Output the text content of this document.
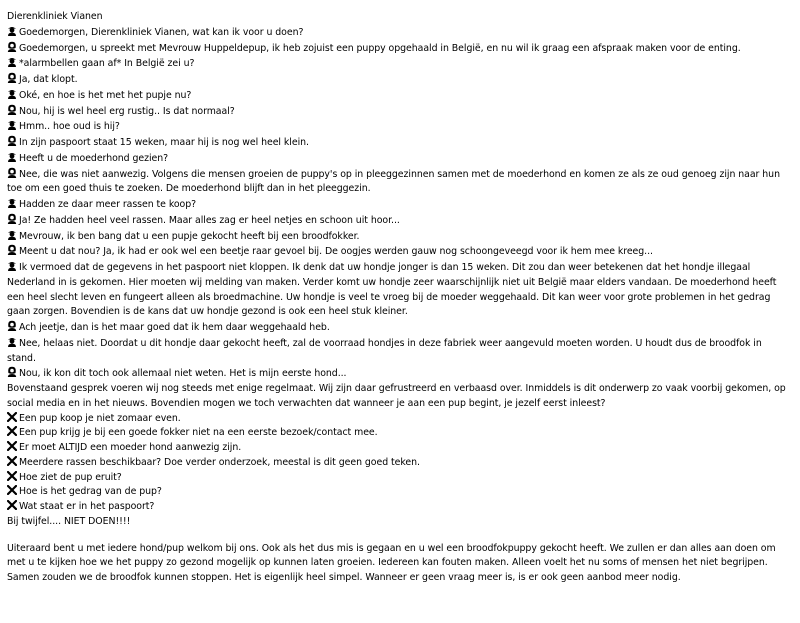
Dierenkliniek Vianen
Goedemorgen, Dierenkliniek Vianen, wat kan ik voor u doen?
Goedemorgen, u spreekt met Mevrouw Huppeldepup, ik heb zojuist een puppy opgehaald in België, en nu wil ik graag een afspraak maken voor de enting.
*alarmbellen gaan af* In België zei u?
Ja, dat klopt.
Oké, en hoe is het met het pupje nu?
Nou, hij is wel heel erg rustig.. Is dat normaal?
Hmm.. hoe oud is hij?
In zijn paspoort staat 15 weken, maar hij is nog wel heel klein.
Heeft u de moederhond gezien?
Nee, die was niet aanwezig. Volgens die mensen groeien de puppy's op in pleeggezinnen samen met de moederhond en komen ze als ze oud genoeg zijn naar hun toe om een goed thuis te zoeken. De moederhond blijft dan in het pleeggezin.
Hadden ze daar meer rassen te koop?
Ja! Ze hadden heel veel rassen. Maar alles zag er heel netjes en schoon uit hoor...
Mevrouw, ik ben bang dat u een pupje gekocht heeft bij een broodfokker.
Meent u dat nou? Ja, ik had er ook wel een beetje raar gevoel bij. De oogjes werden gauw nog schoongeveegd voor ik hem mee kreeg...
Ik vermoed dat de gegevens in het paspoort niet kloppen. Ik denk dat uw hondje jonger is dan 15 weken. Dit zou dan weer betekenen dat het hondje illegaal Nederland in is gekomen. Hier moeten wij melding van maken. Verder komt uw hondje zeer waarschijnlijk niet uit België maar elders vandaan. De moederhond heeft een heel slecht leven en fungeert alleen als broedmachine. Uw hondje is veel te vroeg bij de moeder weggehaald. Dit kan weer voor grote problemen in het gedrag gaan zorgen. Bovendien is de kans dat uw hondje gezond is ook een heel stuk kleiner.
Ach jeetje, dan is het maar goed dat ik hem daar weggehaald heb.
Nee, helaas niet. Doordat u dit hondje daar gekocht heeft, zal de voorraad hondjes in deze fabriek weer aangevuld moeten worden. U houdt dus de broodfok in stand.
Nou, ik kon dit toch ook allemaal niet weten. Het is mijn eerste hond...
Bovenstaand gesprek voeren wij nog steeds met enige regelmaat. Wij zijn daar gefrustreerd en verbaasd over. Inmiddels is dit onderwerp zo vaak voorbij gekomen, op social media en in het nieuws. Bovendien mogen we toch verwachten dat wanneer je aan een pup begint, je jezelf eerst inleest?
Een pup koop je niet zomaar even.
Een pup krijg je bij een goede fokker niet na een eerste bezoek/contact mee.
Er moet ALTIJD een moeder hond aanwezig zijn.
Meerdere rassen beschikbaar? Doe verder onderzoek, meestal is dit geen goed teken.
Hoe ziet de pup eruit?
Hoe is het gedrag van de pup?
Wat staat er in het paspoort?
Bij twijfel.... NIET DOEN!!!!
Uiteraard bent u met iedere hond/pup welkom bij ons. Ook als het dus mis is gegaan en u wel een broodfokpuppy gekocht heeft. We zullen er dan alles aan doen om met u te kijken hoe we het puppy zo gezond mogelijk op kunnen laten groeien. Iedereen kan fouten maken. Alleen voelt het nu soms of mensen het niet begrijpen.
Samen zouden we de broodfok kunnen stoppen. Het is eigenlijk heel simpel. Wanneer er geen vraag meer is, is er ook geen aanbod meer nodig.
